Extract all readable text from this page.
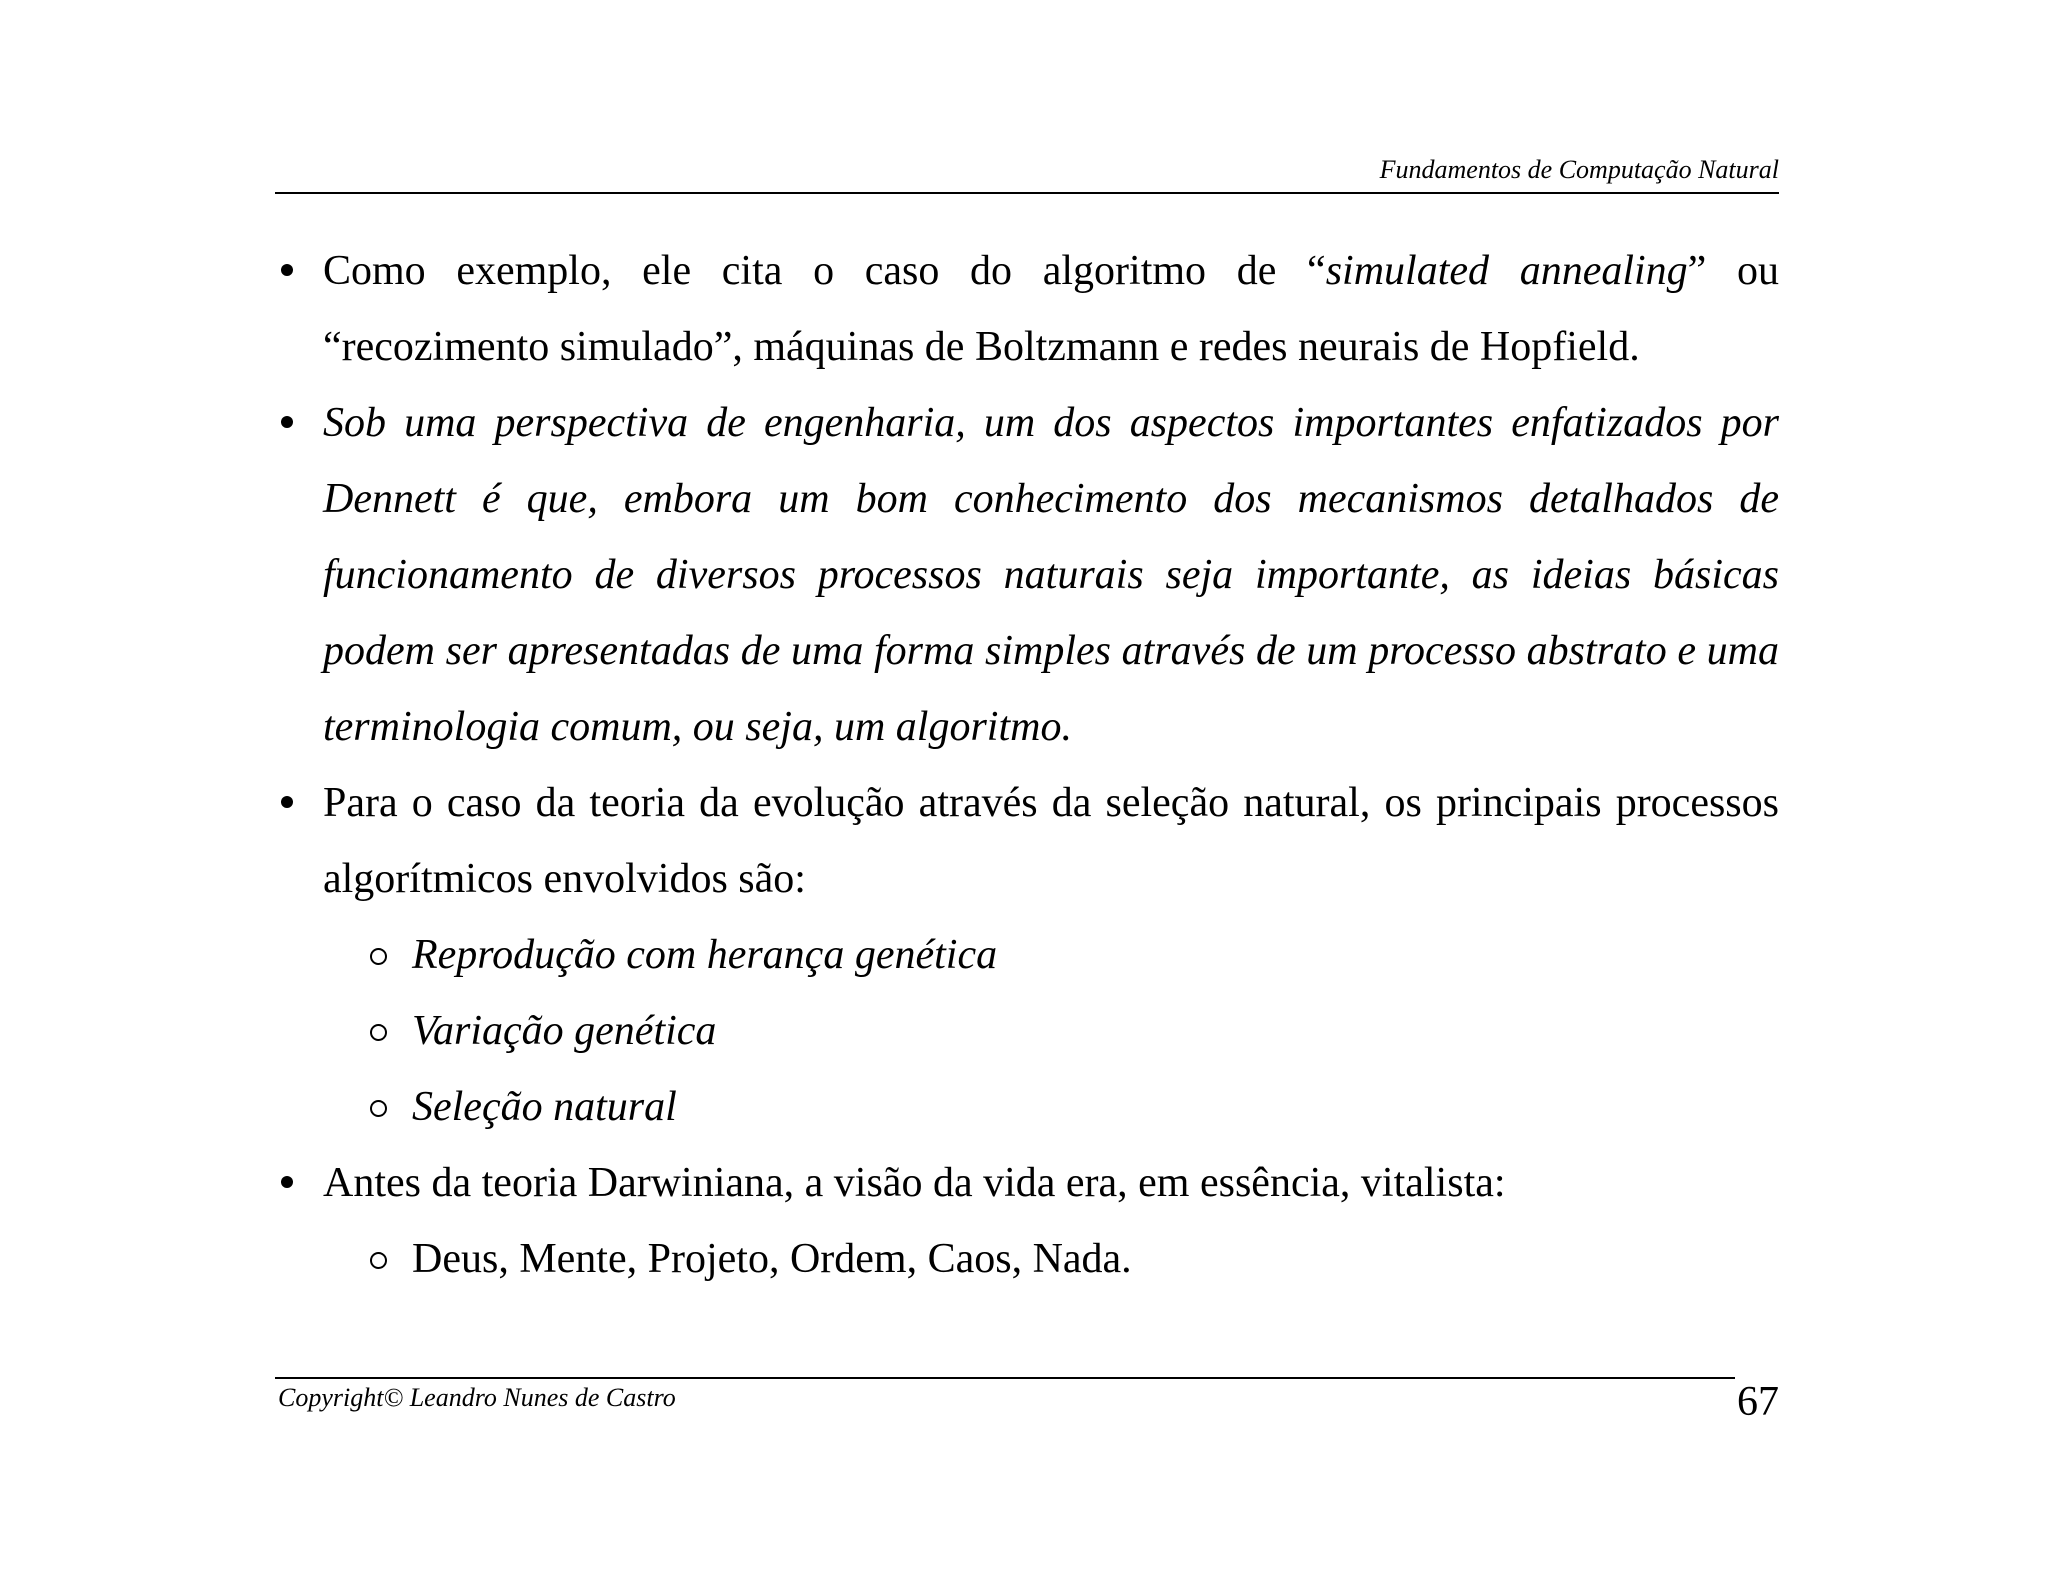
Fundamentos de Computação Natural
Como exemplo, ele cita o caso do algoritmo de “simulated annealing” ou “recozimento simulado”, máquinas de Boltzmann e redes neurais de Hopfield.
Sob uma perspectiva de engenharia, um dos aspectos importantes enfatizados por Dennett é que, embora um bom conhecimento dos mecanismos detalhados de funcionamento de diversos processos naturais seja importante, as ideias básicas podem ser apresentadas de uma forma simples através de um processo abstrato e uma terminologia comum, ou seja, um algoritmo.
Para o caso da teoria da evolução através da seleção natural, os principais processos algorítmicos envolvidos são:
Reprodução com herança genética
Variação genética
Seleção natural
Antes da teoria Darwiniana, a visão da vida era, em essência, vitalista:
Deus, Mente, Projeto, Ordem, Caos, Nada.
Copyright© Leandro Nunes de Castro	67
